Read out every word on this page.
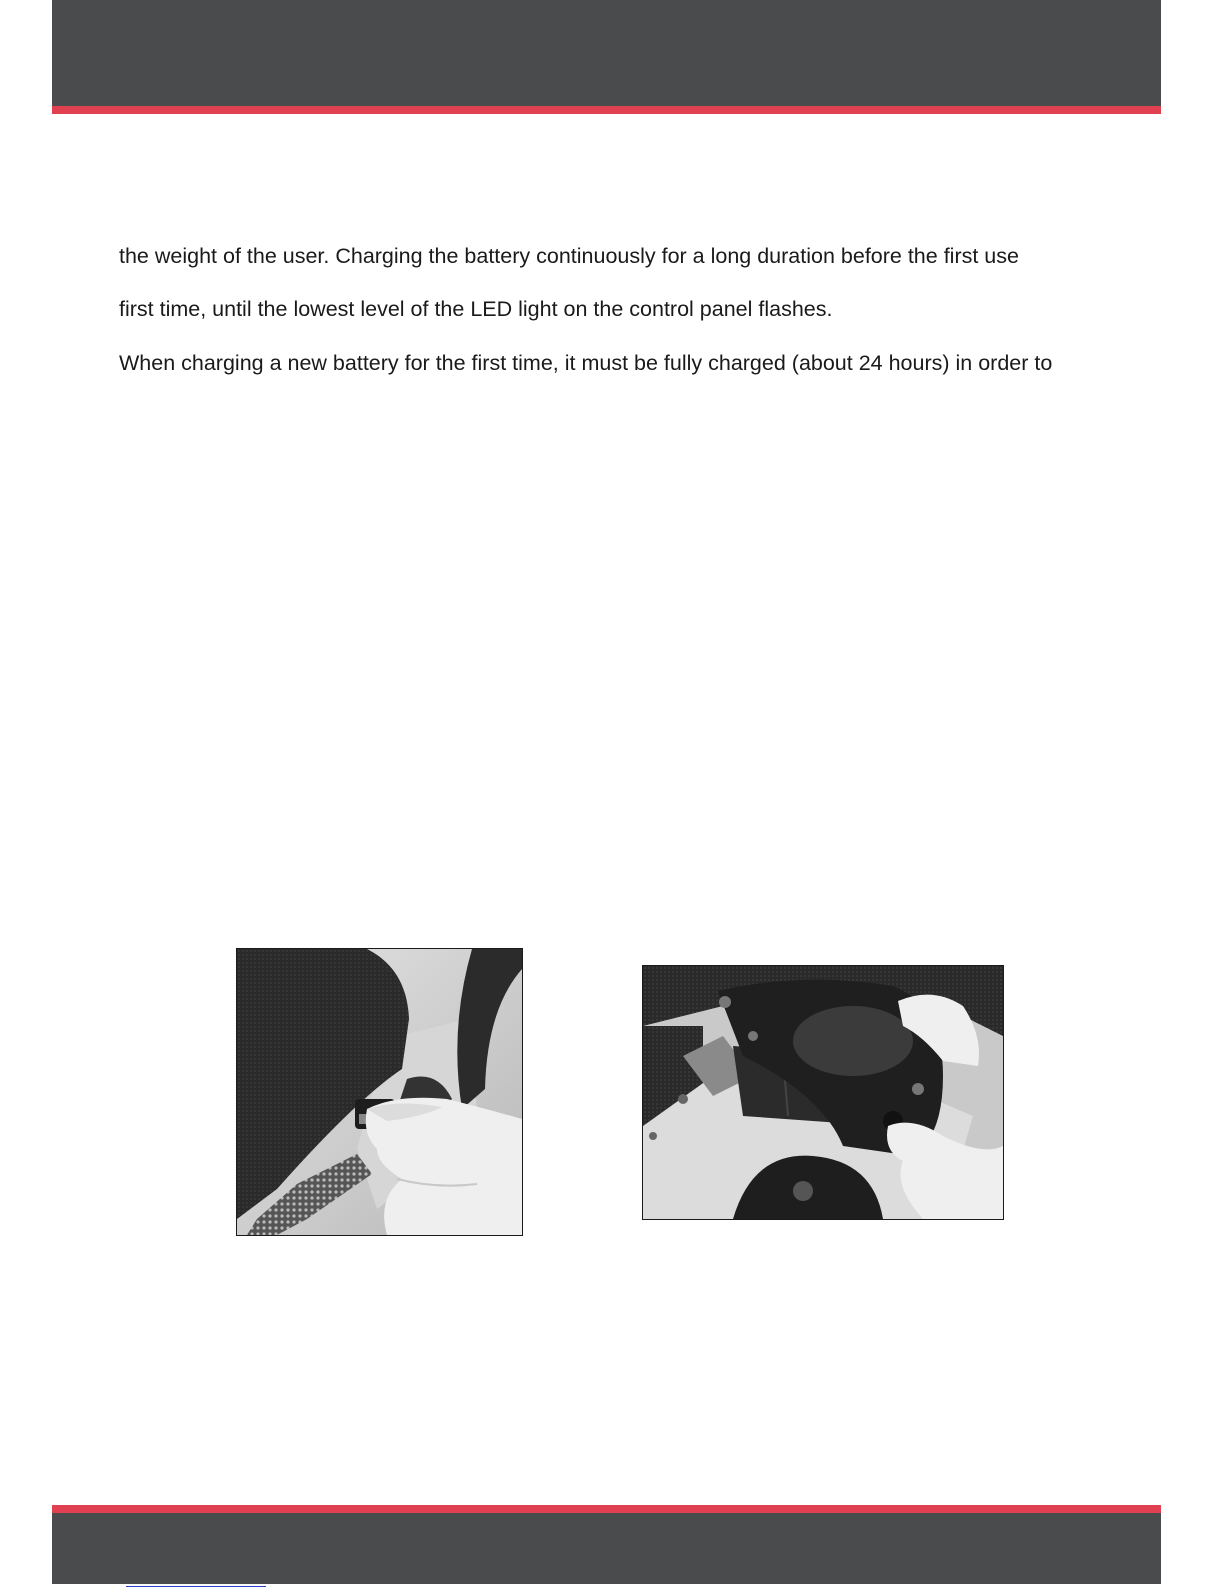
the weight of the user. Charging the battery continuously for a long duration before the first use

first time, until the lowest level of the LED light on the control panel flashes.

When charging a new battery for the first time, it must be fully charged (about 24 hours) in order to
